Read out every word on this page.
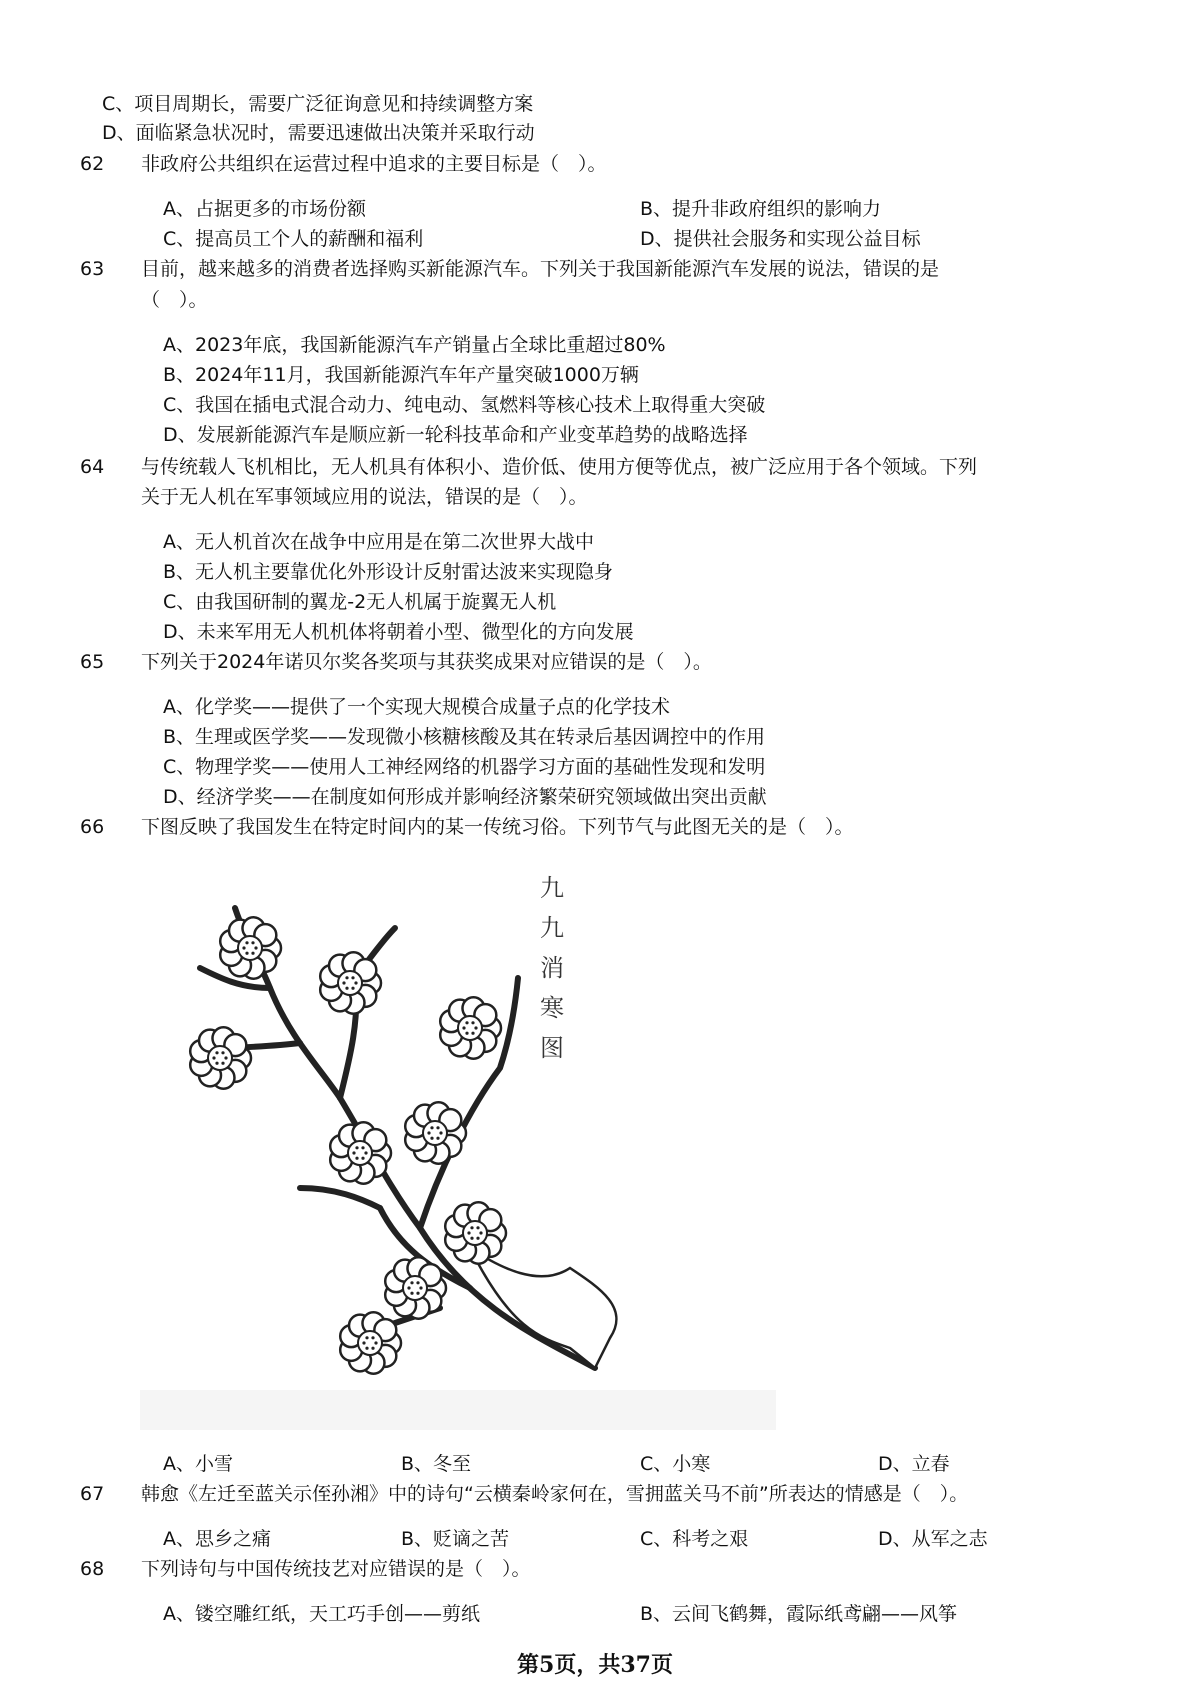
C、项目周期长，需要广泛征询意见和持续调整方案
D、面临紧急状况时，需要迅速做出决策并采取行动
62 非政府公共组织在运营过程中追求的主要目标是（　）。
A、占据更多的市场份额	B、提升非政府组织的影响力
C、提高员工个人的薪酬和福利	D、提供社会服务和实现公益目标
63 目前，越来越多的消费者选择购买新能源汽车。下列关于我国新能源汽车发展的说法，错误的是
（　）。
A、2023年底，我国新能源汽车产销量占全球比重超过80%
B、2024年11月，我国新能源汽车年产量突破1000万辆
C、我国在插电式混合动力、纯电动、氢燃料等核心技术上取得重大突破
D、发展新能源汽车是顺应新一轮科技革命和产业变革趋势的战略选择
64 与传统载人飞机相比，无人机具有体积小、造价低、使用方便等优点，被广泛应用于各个领域。下列
关于无人机在军事领域应用的说法，错误的是（　）。
A、无人机首次在战争中应用是在第二次世界大战中
B、无人机主要靠优化外形设计反射雷达波来实现隐身
C、由我国研制的翼龙-2无人机属于旋翼无人机
D、未来军用无人机机体将朝着小型、微型化的方向发展
65 下列关于2024年诺贝尔奖各奖项与其获奖成果对应错误的是（　）。
A、化学奖——提供了一个实现大规模合成量子点的化学技术
B、生理或医学奖——发现微小核糖核酸及其在转录后基因调控中的作用
C、物理学奖——使用人工神经网络的机器学习方面的基础性发现和发明
D、经济学奖——在制度如何形成并影响经济繁荣研究领域做出突出贡献
66 下图反映了我国发生在特定时间内的某一传统习俗。下列节气与此图无关的是（　）。
九
九
消
寒
图
A、小雪	B、冬至	C、小寒	D、立春
67 韩愈《左迁至蓝关示侄孙湘》中的诗句“云横秦岭家何在，雪拥蓝关马不前”所表达的情感是（　）。
A、思乡之痛	B、贬谪之苦	C、科考之艰	D、从军之志
68 下列诗句与中国传统技艺对应错误的是（　）。
A、镂空雕红纸，天工巧手创——剪纸	B、云间飞鹤舞，霞际纸鸢翩——风筝
第5页，共37页
